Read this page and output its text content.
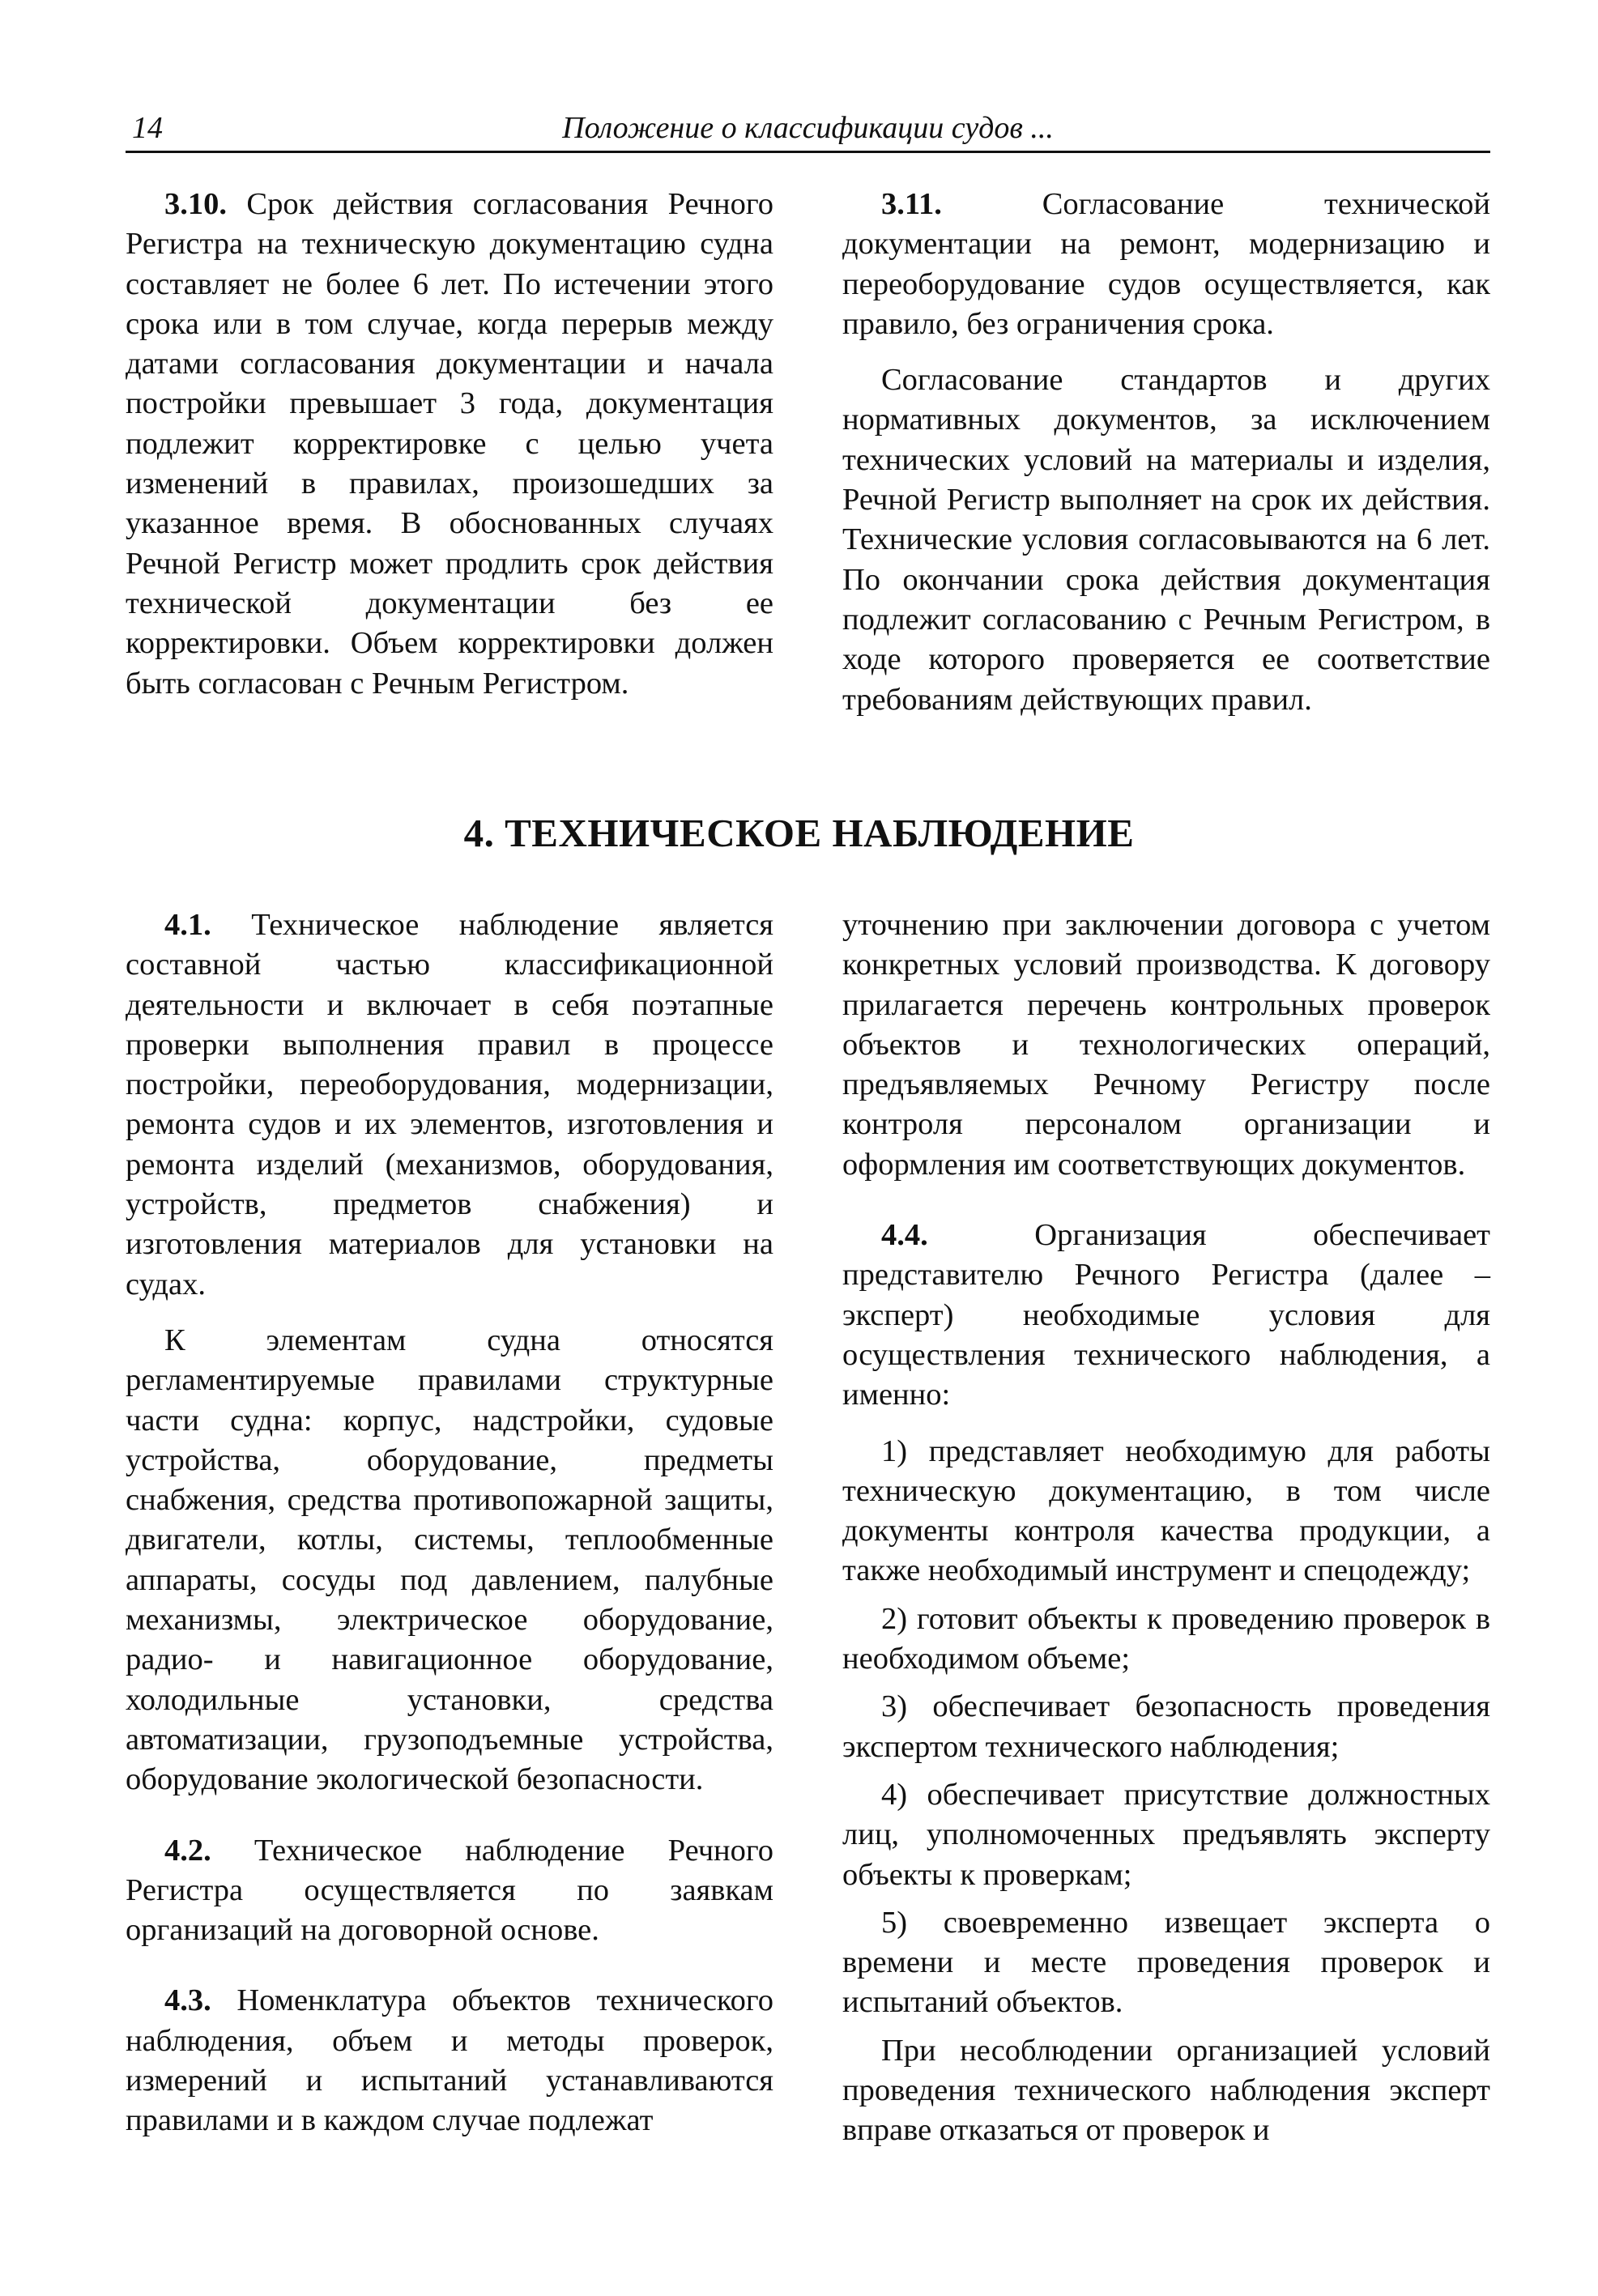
14	Положение о классификации судов ...

3.10. Срок действия согласования Речного Регистра на техническую документацию судна составляет не более 6 лет. По истечении этого срока или в том случае, когда перерыв между датами согласования документации и начала постройки превышает 3 года, документация подлежит корректировке с целью учета изменений в правилах, произошедших за указанное время. В обоснованных случаях Речной Регистр может продлить срок действия технической документации без ее корректировки. Объем корректировки должен быть согласован с Речным Регистром.

3.11. Согласование технической документации на ремонт, модернизацию и переоборудование судов осуществляется, как правило, без ограничения срока.

Согласование стандартов и других нормативных документов, за исключением технических условий на материалы и изделия, Речной Регистр выполняет на срок их действия. Технические условия согласовываются на 6 лет. По окончании срока действия документация подлежит согласованию с Речным Регистром, в ходе которого проверяется ее соответствие требованиям действующих правил.

4. ТЕХНИЧЕСКОЕ НАБЛЮДЕНИЕ

4.1. Техническое наблюдение является составной частью классификационной деятельности и включает в себя поэтапные проверки выполнения правил в процессе постройки, переоборудования, модернизации, ремонта судов и их элементов, изготовления и ремонта изделий (механизмов, оборудования, устройств, предметов снабжения) и изготовления материалов для установки на судах.

К элементам судна относятся регламентируемые правилами структурные части судна: корпус, надстройки, судовые устройства, оборудование, предметы снабжения, средства противопожарной защиты, двигатели, котлы, системы, теплообменные аппараты, сосуды под давлением, палубные механизмы, электрическое оборудование, радио- и навигационное оборудование, холодильные установки, средства автоматизации, грузоподъемные устройства, оборудование экологической безопасности.

4.2. Техническое наблюдение Речного Регистра осуществляется по заявкам организаций на договорной основе.

4.3. Номенклатура объектов технического наблюдения, объем и методы проверок, измерений и испытаний устанавливаются правилами и в каждом случае подлежат

уточнению при заключении договора с учетом конкретных условий производства. К договору прилагается перечень контрольных проверок объектов и технологических операций, предъявляемых Речному Регистру после контроля персоналом организации и оформления им соответствующих документов.

4.4. Организация обеспечивает представителю Речного Регистра (далее – эксперт) необходимые условия для осуществления технического наблюдения, а именно:

1) представляет необходимую для работы техническую документацию, в том числе документы контроля качества продукции, а также необходимый инструмент и спецодежду;

2) готовит объекты к проведению проверок в необходимом объеме;

3) обеспечивает безопасность проведения экспертом технического наблюдения;

4) обеспечивает присутствие должностных лиц, уполномоченных предъявлять эксперту объекты к проверкам;

5) своевременно извещает эксперта о времени и месте проведения проверок и испытаний объектов.

При несоблюдении организацией условий проведения технического наблюдения эксперт вправе отказаться от проверок и
